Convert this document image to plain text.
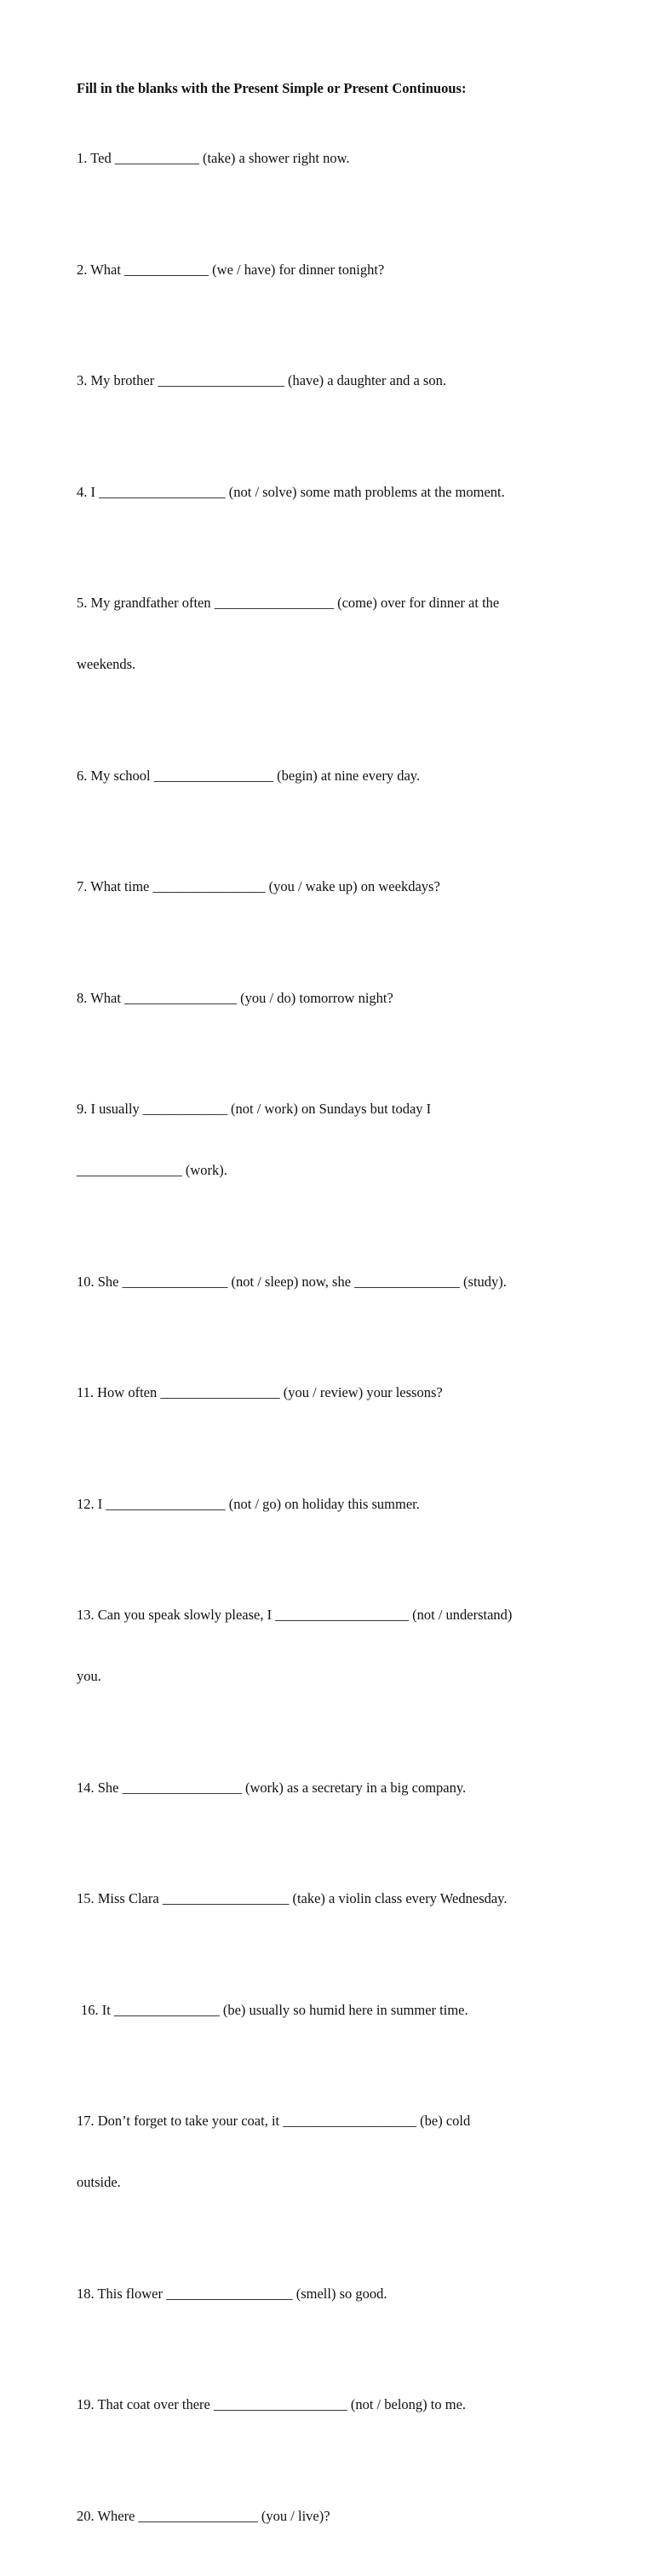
Fill in the blanks with the Present Simple or Present Continuous:

1. Ted ____________ (take) a shower right now.

2. What ____________ (we / have) for dinner tonight?

3. My brother __________________ (have) a daughter and a son.

4. I __________________ (not / solve) some math problems at the moment.

5. My grandfather often _________________ (come) over for dinner at the

weekends.

6. My school _________________ (begin) at nine every day.

7. What time ________________ (you / wake up) on weekdays?

8. What ________________ (you / do) tomorrow night?

9. I usually ____________ (not / work) on Sundays but today I

_______________ (work).

10. She _______________ (not / sleep) now, she _______________ (study).

11. How often _________________ (you / review) your lessons?

12. I _________________ (not / go) on holiday this summer.

13. Can you speak slowly please, I ___________________ (not / understand)

you.

14. She _________________ (work) as a secretary in a big company.

15. Miss Clara __________________ (take) a violin class every Wednesday.

16. It _______________ (be) usually so humid here in summer time.

17. Don’t forget to take your coat, it ___________________ (be) cold

outside.

18. This flower __________________ (smell) so good.

19. That coat over there ___________________ (not / belong) to me.

20. Where _________________ (you / live)?
